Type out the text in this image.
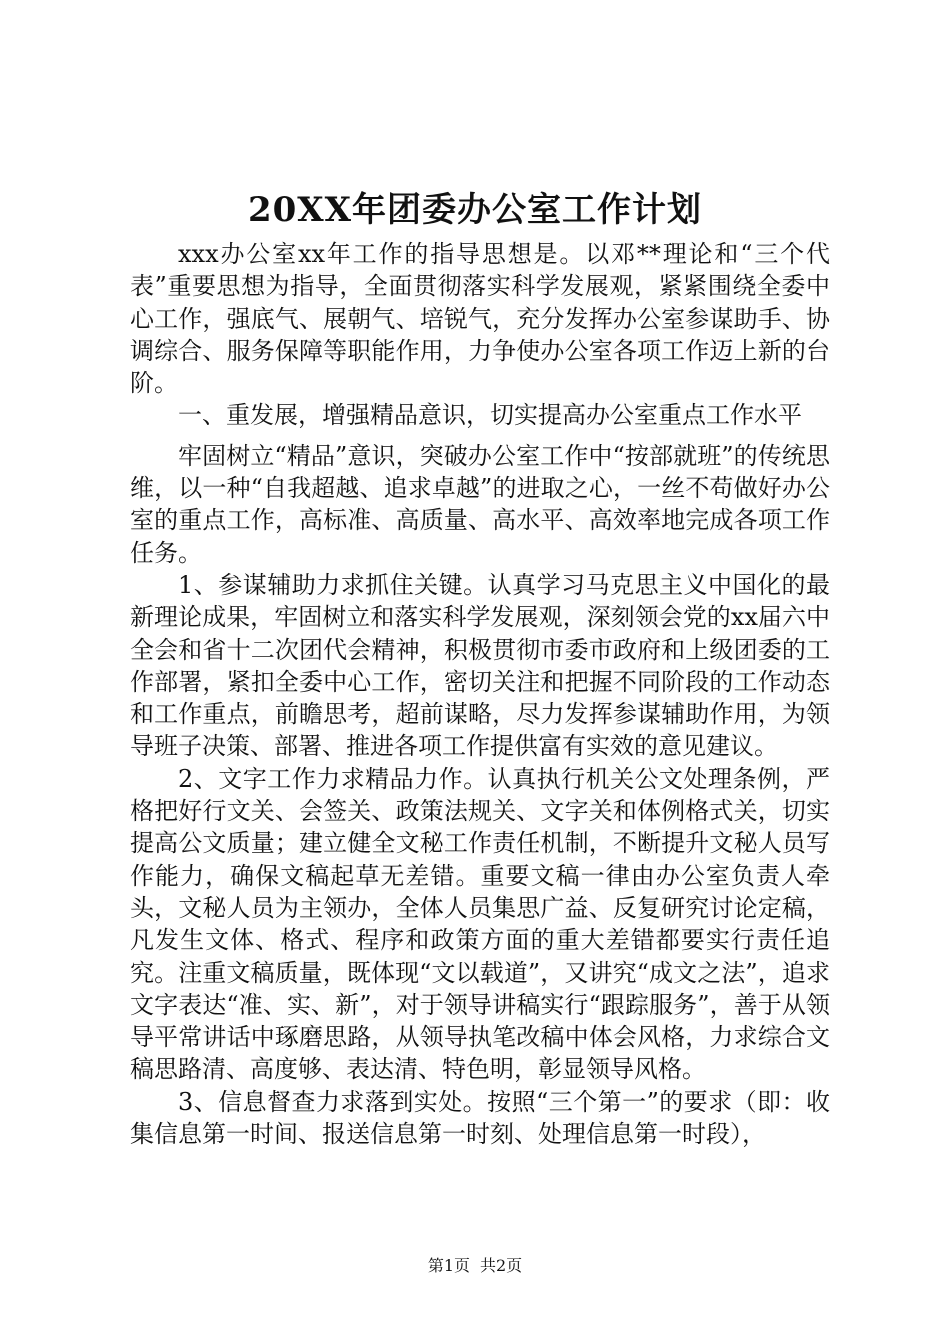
20XX年团委办公室工作计划

xxx办公室xx年工作的指导思想是。以邓**理论和“三个代表”重要思想为指导，全面贯彻落实科学发展观，紧紧围绕全委中心工作，强底气、展朝气、培锐气，充分发挥办公室参谋助手、协调综合、服务保障等职能作用，力争使办公室各项工作迈上新的台阶。

一、重发展，增强精品意识，切实提高办公室重点工作水平

牢固树立“精品”意识，突破办公室工作中“按部就班”的传统思维，以一种“自我超越、追求卓越”的进取之心，一丝不苟做好办公室的重点工作，高标准、高质量、高水平、高效率地完成各项工作任务。

1、参谋辅助力求抓住关键。认真学习马克思主义中国化的最新理论成果，牢固树立和落实科学发展观，深刻领会党的xx届六中全会和省十二次团代会精神，积极贯彻市委市政府和上级团委的工作部署，紧扣全委中心工作，密切关注和把握不同阶段的工作动态和工作重点，前瞻思考，超前谋略，尽力发挥参谋辅助作用，为领导班子决策、部署、推进各项工作提供富有实效的意见建议。

2、文字工作力求精品力作。认真执行机关公文处理条例，严格把好行文关、会签关、政策法规关、文字关和体例格式关，切实提高公文质量；建立健全文秘工作责任机制，不断提升文秘人员写作能力，确保文稿起草无差错。重要文稿一律由办公室负责人牵头，文秘人员为主领办，全体人员集思广益、反复研究讨论定稿，凡发生文体、格式、程序和政策方面的重大差错都要实行责任追究。注重文稿质量，既体现“文以载道”，又讲究“成文之法”，追求文字表达“准、实、新”，对于领导讲稿实行“跟踪服务”，善于从领导平常讲话中琢磨思路，从领导执笔改稿中体会风格，力求综合文稿思路清、高度够、表达清、特色明，彰显领导风格。

3、信息督查力求落到实处。按照“三个第一”的要求（即：收集信息第一时间、报送信息第一时刻、处理信息第一时段），

第1页 共2页
